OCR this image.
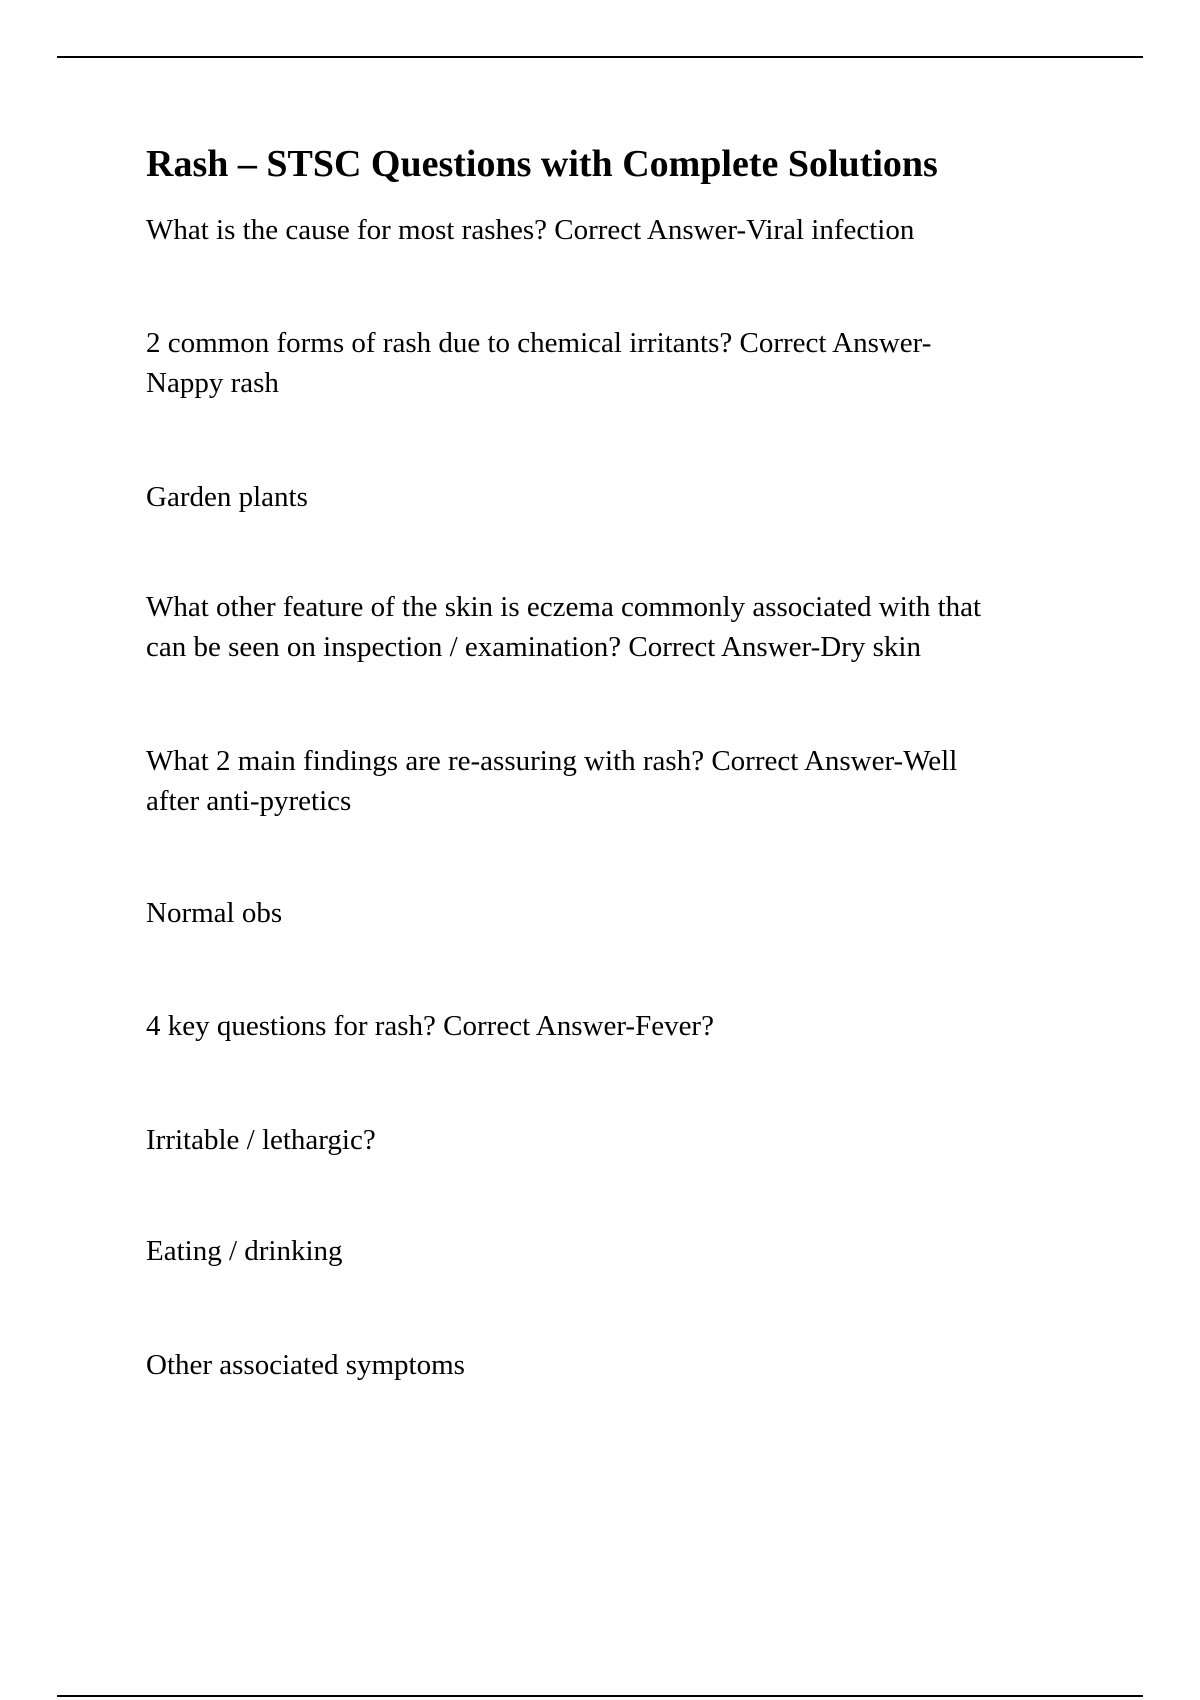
Rash – STSC Questions with Complete Solutions

What is the cause for most rashes? Correct Answer-Viral infection

2 common forms of rash due to chemical irritants? Correct Answer-

Nappy rash

Garden plants

What other feature of the skin is eczema commonly associated with that

can be seen on inspection / examination? Correct Answer-Dry skin

What 2 main findings are re-assuring with rash? Correct Answer-Well

after anti-pyretics

Normal obs

4 key questions for rash? Correct Answer-Fever?

Irritable / lethargic?

Eating / drinking

Other associated symptoms
